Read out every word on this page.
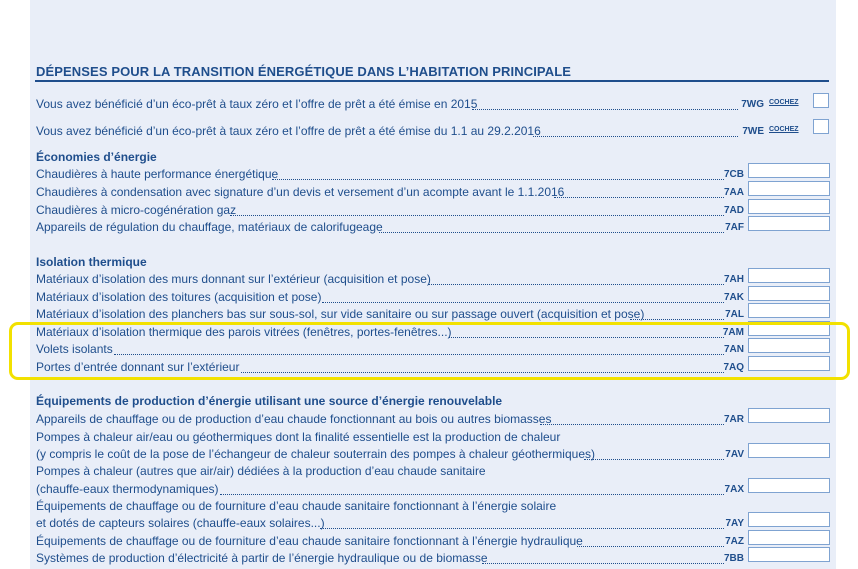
DÉPENSES POUR LA TRANSITION ÉNERGÉTIQUE DANS L’HABITATION PRINCIPALE
Vous avez bénéficié d’un éco-prêt à taux zéro et l’offre de prêt a été émise en 2015	7WG COCHEZ
Vous avez bénéficié d’un éco-prêt à taux zéro et l’offre de prêt a été émise du 1.1 au 29.2.2016	7WE COCHEZ
Économies d’énergie
Chaudières à haute performance énergétique	7CB
Chaudières à condensation avec signature d’un devis et versement d’un acompte avant le 1.1.2016	7AA
Chaudières à micro-cogénération gaz	7AD
Appareils de régulation du chauffage, matériaux de calorifugeage	7AF
Isolation thermique
Matériaux d’isolation des murs donnant sur l’extérieur (acquisition et pose)	7AH
Matériaux d’isolation des toitures (acquisition et pose)	7AK
Matériaux d’isolation des planchers bas sur sous-sol, sur vide sanitaire ou sur passage ouvert (acquisition et pose)	7AL
Matériaux d’isolation thermique des parois vitrées (fenêtres, portes-fenêtres...)	7AM
Volets isolants	7AN
Portes d’entrée donnant sur l’extérieur	7AQ
Équipements de production d’énergie utilisant une source d’énergie renouvelable
Appareils de chauffage ou de production d’eau chaude fonctionnant au bois ou autres biomasses	7AR
Pompes à chaleur air/eau ou géothermiques dont la finalité essentielle est la production de chaleur
(y compris le coût de la pose de l’échangeur de chaleur souterrain des pompes à chaleur géothermiques)	7AV
Pompes à chaleur (autres que air/air) dédiées à la production d’eau chaude sanitaire
(chauffe-eaux thermodynamiques)	7AX
Équipements de chauffage ou de fourniture d’eau chaude sanitaire fonctionnant à l’énergie solaire
et dotés de capteurs solaires (chauffe-eaux solaires...)	7AY
Équipements de chauffage ou de fourniture d’eau chaude sanitaire fonctionnant à l’énergie hydraulique	7AZ
Systèmes de production d’électricité à partir de l’énergie hydraulique ou de biomasse	7BB
